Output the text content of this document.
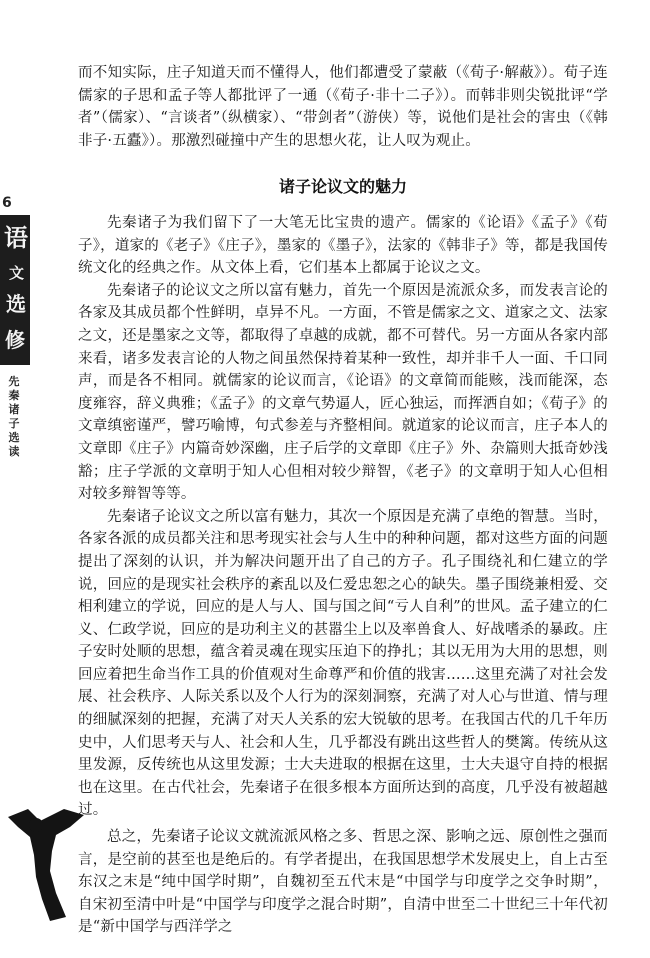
6
语
文
选
修
先秦诸子选读

而不知实际，庄子知道天而不懂得人，他们都遭受了蒙蔽（《荀子·解蔽》）。荀子连儒家的子思和孟子等人都批评了一通（《荀子·非十二子》）。而韩非则尖锐批评“学者”（儒家）、“言谈者”（纵横家）、“带剑者”（游侠）等，说他们是社会的害虫（《韩非子·五蠹》）。那激烈碰撞中产生的思想火花，让人叹为观止。

诸子论议文的魅力

先秦诸子为我们留下了一大笔无比宝贵的遗产。儒家的《论语》《孟子》《荀子》，道家的《老子》《庄子》，墨家的《墨子》，法家的《韩非子》等，都是我国传统文化的经典之作。从文体上看，它们基本上都属于论议之文。

先秦诸子的论议文之所以富有魅力，首先一个原因是流派众多，而发表言论的各家及其成员都个性鲜明，卓异不凡。一方面，不管是儒家之文、道家之文、法家之文，还是墨家之文等，都取得了卓越的成就，都不可替代。另一方面从各家内部来看，诸多发表言论的人物之间虽然保持着某种一致性，却并非千人一面、千口同声，而是各不相同。就儒家的论议而言，《论语》的文章简而能赅，浅而能深，态度雍容，辞义典雅；《孟子》的文章气势逼人，匠心独运，而挥洒自如；《荀子》的文章缜密谨严，譬巧喻博，句式参差与齐整相间。就道家的论议而言，庄子本人的文章即《庄子》内篇奇妙深幽，庄子后学的文章即《庄子》外、杂篇则大抵奇妙浅豁；庄子学派的文章明于知人心但相对较少辩智，《老子》的文章明于知人心但相对较多辩智等等。

先秦诸子论议文之所以富有魅力，其次一个原因是充满了卓绝的智慧。当时，各家各派的成员都关注和思考现实社会与人生中的种种问题，都对这些方面的问题提出了深刻的认识，并为解决问题开出了自己的方子。孔子围绕礼和仁建立的学说，回应的是现实社会秩序的紊乱以及仁爱忠恕之心的缺失。墨子围绕兼相爱、交相利建立的学说，回应的是人与人、国与国之间“亏人自利”的世风。孟子建立的仁义、仁政学说，回应的是功利主义的甚嚣尘上以及率兽食人、好战嗜杀的暴政。庄子安时处顺的思想，蕴含着灵魂在现实压迫下的挣扎；其以无用为大用的思想，则回应着把生命当作工具的价值观对生命尊严和价值的戕害……这里充满了对社会发展、社会秩序、人际关系以及个人行为的深刻洞察，充满了对人心与世道、情与理的细腻深刻的把握，充满了对天人关系的宏大锐敏的思考。在我国古代的几千年历史中，人们思考天与人、社会和人生，几乎都没有跳出这些哲人的樊篱。传统从这里发源，反传统也从这里发源；士大夫进取的根据在这里，士大夫退守自持的根据也在这里。在古代社会，先秦诸子在很多根本方面所达到的高度，几乎没有被超越过。

总之，先秦诸子论议文就流派风格之多、哲思之深、影响之远、原创性之强而言，是空前的甚至也是绝后的。有学者提出，在我国思想学术发展史上，自上古至东汉之末是“纯中国学时期”，自魏初至五代末是“中国学与印度学之交争时期”，自宋初至清中叶是“中国学与印度学之混合时期”，自清中世至二十世纪三十年代初是“新中国学与西洋学之
